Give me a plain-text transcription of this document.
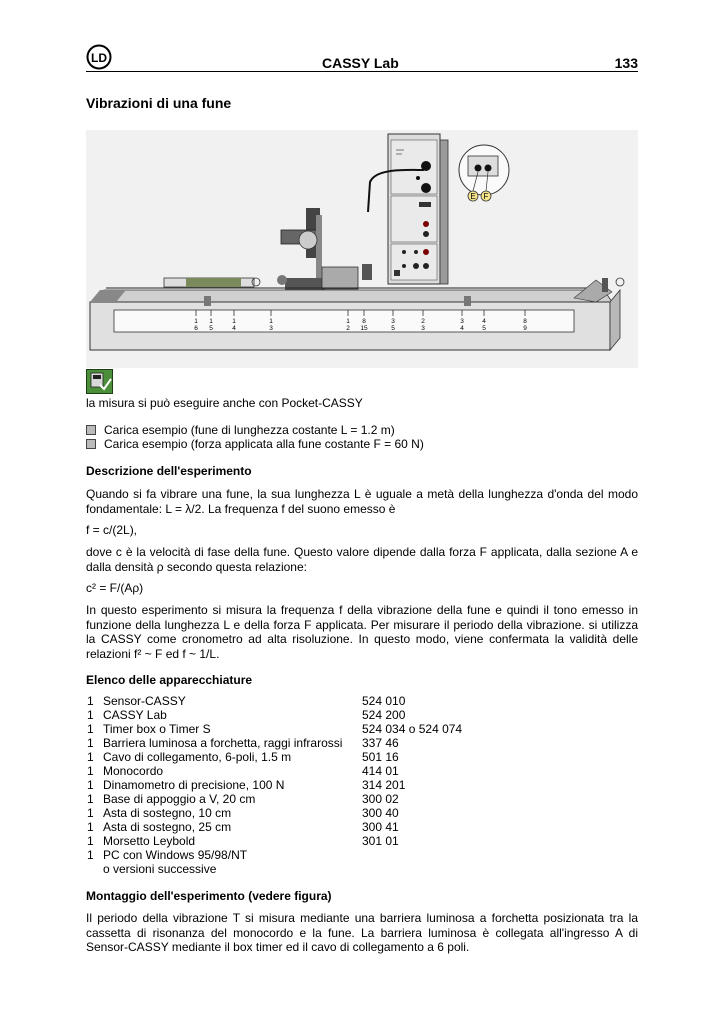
LD	CASSY Lab	133
Vibrazioni di una fune
E F
1
6
1
5
1
4
1
3
1
2
8
15
3
5
2
3
3
4
4
5
8
9
la misura si può eseguire anche con Pocket-CASSY
Carica esempio (fune di lunghezza costante L = 1.2 m)
Carica esempio (forza applicata alla fune costante F = 60 N)
Descrizione dell'esperimento
Quando si fa vibrare una fune, la sua lunghezza L è uguale a metà della lunghezza d'onda del modo fondamentale: L = λ/2. La frequenza f del suono emesso è
f = c/(2L),
dove c è la velocità di fase della fune. Questo valore dipende dalla forza F applicata, dalla sezione A e dalla densità ρ secondo questa relazione:
c² = F/(Aρ)
In questo esperimento si misura la frequenza f della vibrazione della fune e quindi il tono emesso in funzione della lunghezza L e della forza F applicata. Per misurare il periodo della vibrazione. si utilizza la CASSY come cronometro ad alta risoluzione. In questo modo, viene confermata la validità delle relazioni f² ~ F ed f ~ 1/L.
Elenco delle apparecchiature
1 Sensor-CASSY	524 010
1 CASSY Lab	524 200
1 Timer box o Timer S	524 034 o 524 074
1 Barriera luminosa a forchetta, raggi infrarossi 337 46
1 Cavo di collegamento, 6-poli, 1.5 m	501 16
1 Monocordo	414 01
1 Dinamometro di precisione, 100 N	314 201
1 Base di appoggio a V, 20 cm	300 02
1 Asta di sostegno, 10 cm	300 40
1 Asta di sostegno, 25 cm	300 41
1 Morsetto Leybold	301 01
1 PC con Windows 95/98/NT
o versioni successive
Montaggio dell'esperimento (vedere figura)
Il periodo della vibrazione T si misura mediante una barriera luminosa a forchetta posizionata tra la cassetta di risonanza del monocordo e la fune. La barriera luminosa è collegata all'ingresso A di Sensor-CASSY mediante il box timer ed il cavo di collegamento a 6 poli.
